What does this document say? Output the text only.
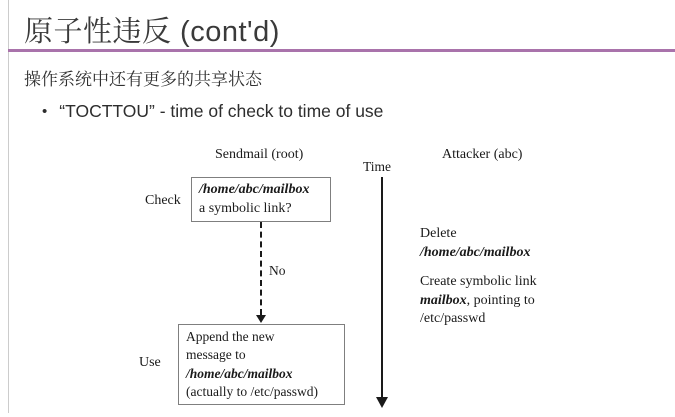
原子性违反 (cont'd)
操作系统中还有更多的共享状态
• “TOCTTOU” - time of check to time of use
Sendmail (root)	Attacker (abc)
Time
Check
/home/abc/mailbox
a symbolic link?
No
Use
Append the new
message to
/home/abc/mailbox
(actually to /etc/passwd)
Delete
/home/abc/mailbox
Create symbolic link
mailbox, pointing to
/etc/passwd
